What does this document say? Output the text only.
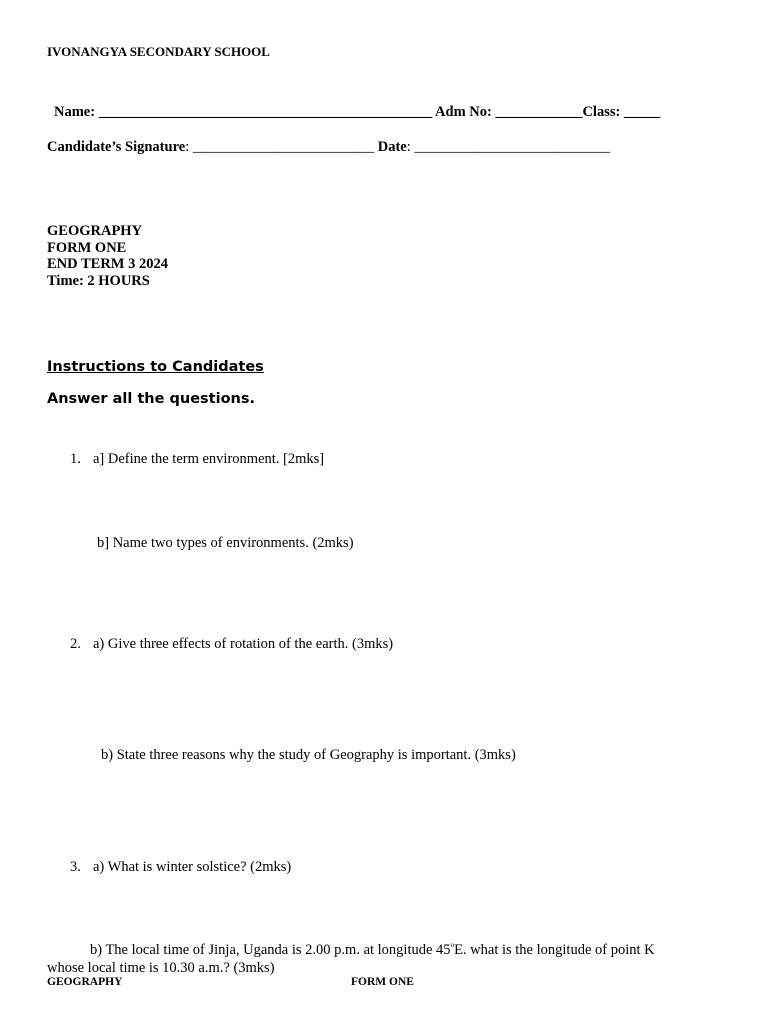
IVONANGYA SECONDARY SCHOOL
Name: ______________________________________________ Adm No: ____________Class: _____
Candidate’s Signature: _________________________ Date: ___________________________
GEOGRAPHY
FORM ONE
END TERM 3 2024
Time: 2 HOURS
Instructions to Candidates
Answer all the questions.
1. a] Define the term environment. [2mks]
b] Name two types of environments. (2mks)
2. a) Give three effects of rotation of the earth. (3mks)
b) State three reasons why the study of Geography is important. (3mks)
3. a) What is winter solstice? (2mks)
b) The local time of Jinja, Uganda is 2.00 p.m. at longitude 45$^o$E. what is the longitude of point K
whose local time is 10.30 a.m.? (3mks)
GEOGRAPHY	FORM ONE
